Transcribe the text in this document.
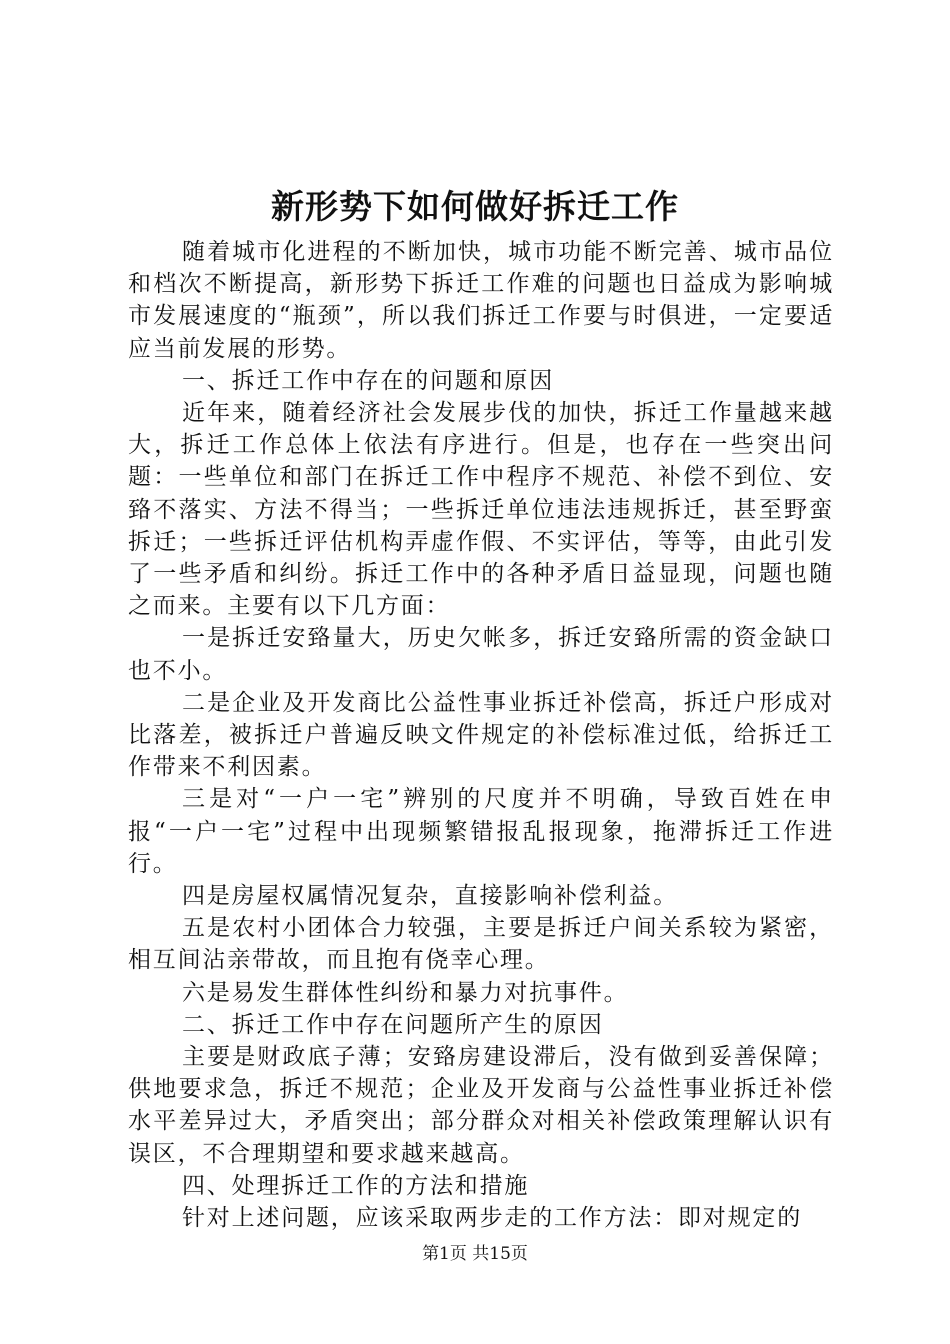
新形势下如何做好拆迁工作

随着城市化进程的不断加快，城市功能不断完善、城市品位和档次不断提高，新形势下拆迁工作难的问题也日益成为影响城市发展速度的“瓶颈”，所以我们拆迁工作要与时俱进，一定要适应当前发展的形势。

一、拆迁工作中存在的问题和原因

近年来，随着经济社会发展步伐的加快，拆迁工作量越来越大，拆迁工作总体上依法有序进行。但是，也存在一些突出问题：一些单位和部门在拆迁工作中程序不规范、补偿不到位、安臵不落实、方法不得当；一些拆迁单位违法违规拆迁，甚至野蛮拆迁；一些拆迁评估机构弄虚作假、不实评估，等等，由此引发了一些矛盾和纠纷。拆迁工作中的各种矛盾日益显现，问题也随之而来。主要有以下几方面：

一是拆迁安臵量大，历史欠帐多，拆迁安臵所需的资金缺口也不小。

二是企业及开发商比公益性事业拆迁补偿高，拆迁户形成对比落差，被拆迁户普遍反映文件规定的补偿标准过低，给拆迁工作带来不利因素。

三是对“一户一宅”辨别的尺度并不明确，导致百姓在申报“一户一宅”过程中出现频繁错报乱报现象，拖滞拆迁工作进行。

四是房屋权属情况复杂，直接影响补偿利益。

五是农村小团体合力较强，主要是拆迁户间关系较为紧密，相互间沾亲带故，而且抱有侥幸心理。

六是易发生群体性纠纷和暴力对抗事件。

二、拆迁工作中存在问题所产生的原因

主要是财政底子薄；安臵房建设滞后，没有做到妥善保障；供地要求急，拆迁不规范；企业及开发商与公益性事业拆迁补偿水平差异过大，矛盾突出；部分群众对相关补偿政策理解认识有误区，不合理期望和要求越来越高。

四、处理拆迁工作的方法和措施

针对上述问题，应该采取两步走的工作方法：即对规定的

第1页 共15页
